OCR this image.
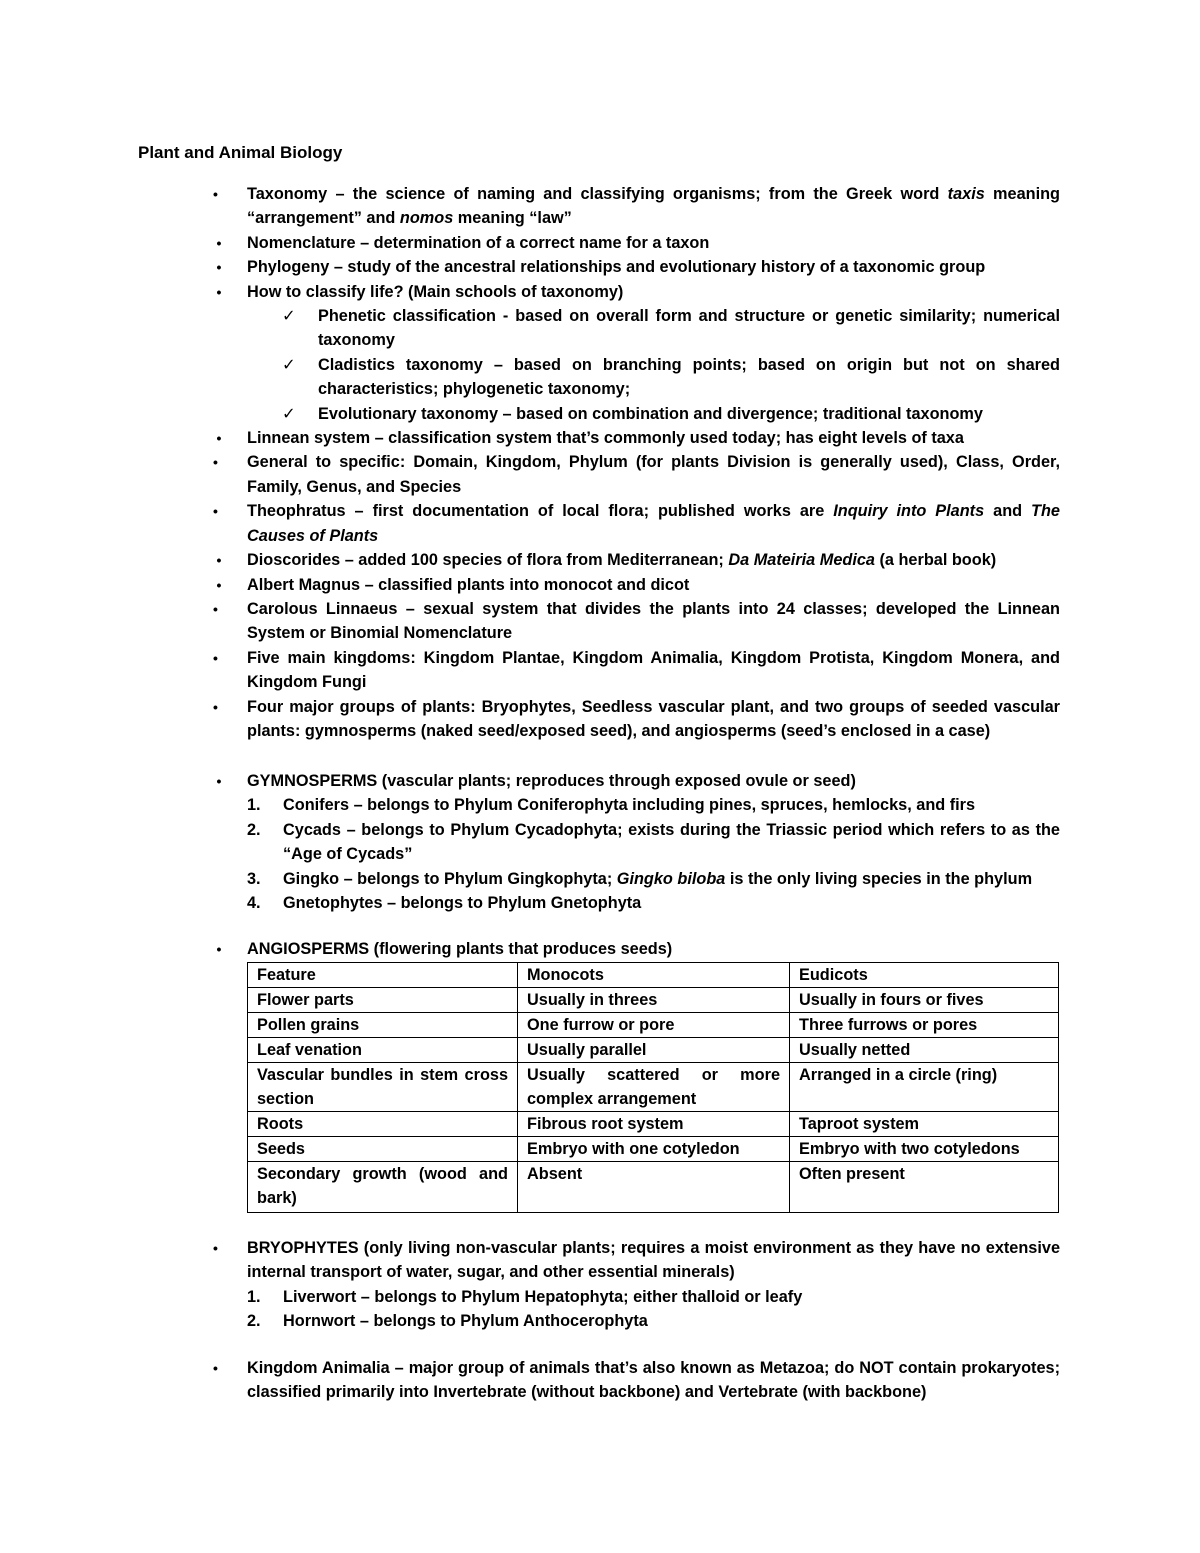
Plant and Animal Biology
•	Taxonomy – the science of naming and classifying organisms; from the Greek word taxis meaning “arrangement” and nomos meaning “law”
• Nomenclature – determination of a correct name for a taxon
• Phylogeny – study of the ancestral relationships and evolutionary history of a taxonomic group
• How to classify life? (Main schools of taxonomy)
✓ Phenetic classification - based on overall form and structure or genetic similarity; numerical taxonomy
✓ Cladistics taxonomy – based on branching points; based on origin but not on shared characteristics; phylogenetic taxonomy;
✓ Evolutionary taxonomy – based on combination and divergence; traditional taxonomy
• Linnean system – classification system that’s commonly used today; has eight levels of taxa
•	General to specific: Domain, Kingdom, Phylum (for plants Division is generally used), Class, Order, Family, Genus, and Species
•	Theophratus – first documentation of local flora; published works are Inquiry into Plants and The Causes of Plants
• Dioscorides – added 100 species of flora from Mediterranean; Da Mateiria Medica (a herbal book)
• Albert Magnus – classified plants into monocot and dicot
•	Carolous Linnaeus – sexual system that divides the plants into 24 classes; developed the Linnean System or Binomial Nomenclature
•	Five main kingdoms: Kingdom Plantae, Kingdom Animalia, Kingdom Protista, Kingdom Monera, and Kingdom Fungi
•	Four major groups of plants: Bryophytes, Seedless vascular plant, and two groups of seeded vascular plants: gymnosperms (naked seed/exposed seed), and angiosperms (seed’s enclosed in a case)
• GYMNOSPERMS (vascular plants; reproduces through exposed ovule or seed)
1. Conifers – belongs to Phylum Coniferophyta including pines, spruces, hemlocks, and firs
2. Cycads – belongs to Phylum Cycadophyta; exists during the Triassic period which refers to as the “Age of Cycads”
3. Gingko – belongs to Phylum Gingkophyta; Gingko biloba is the only living species in the phylum
4. Gnetophytes – belongs to Phylum Gnetophyta
• ANGIOSPERMS (flowering plants that produces seeds)
Feature	Monocots	Eudicots
Flower parts	Usually in threes	Usually in fours or fives
Pollen grains	One furrow or pore	Three furrows or pores
Leaf venation	Usually parallel	Usually netted
Vascular bundles in stem cross section	Usually scattered or more complex arrangement	Arranged in a circle (ring)
Roots	Fibrous root system	Taproot system
Seeds	Embryo with one cotyledon	Embryo with two cotyledons
Secondary growth (wood and bark)	Absent	Often present
•	BRYOPHYTES (only living non-vascular plants; requires a moist environment as they have no extensive internal transport of water, sugar, and other essential minerals)
1. Liverwort – belongs to Phylum Hepatophyta; either thalloid or leafy
2. Hornwort – belongs to Phylum Anthocerophyta
•	Kingdom Animalia – major group of animals that’s also known as Metazoa; do NOT contain prokaryotes; classified primarily into Invertebrate (without backbone) and Vertebrate (with backbone)
